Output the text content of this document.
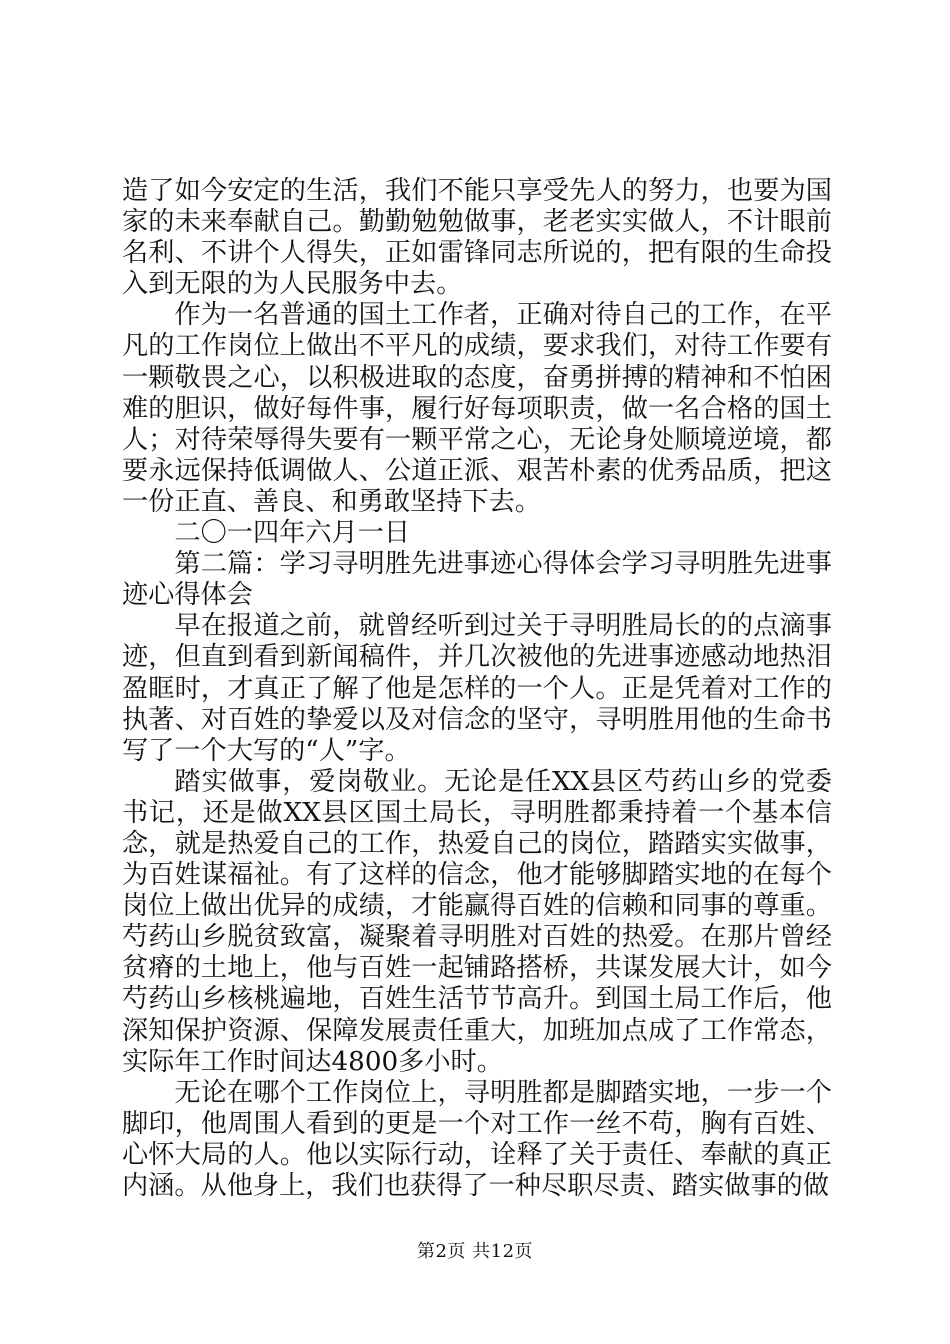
造了如今安定的生活，我们不能只享受先人的努力，也要为国家的未来奉献自己。勤勤勉勉做事，老老实实做人，不计眼前名利、不讲个人得失，正如雷锋同志所说的，把有限的生命投入到无限的为人民服务中去。

作为一名普通的国土工作者，正确对待自己的工作，在平凡的工作岗位上做出不平凡的成绩，要求我们，对待工作要有一颗敬畏之心，以积极进取的态度，奋勇拼搏的精神和不怕困难的胆识，做好每件事，履行好每项职责，做一名合格的国土人；对待荣辱得失要有一颗平常之心，无论身处顺境逆境，都要永远保持低调做人、公道正派、艰苦朴素的优秀品质，把这一份正直、善良、和勇敢坚持下去。

二〇一四年六月一日

第二篇：学习寻明胜先进事迹心得体会学习寻明胜先进事迹心得体会

早在报道之前，就曾经听到过关于寻明胜局长的的点滴事迹，但直到看到新闻稿件，并几次被他的先进事迹感动地热泪盈眶时，才真正了解了他是怎样的一个人。正是凭着对工作的执著、对百姓的挚爱以及对信念的坚守，寻明胜用他的生命书写了一个大写的“人”字。

踏实做事，爱岗敬业。无论是任XX县区芍药山乡的党委书记，还是做XX县区国土局长，寻明胜都秉持着一个基本信念，就是热爱自己的工作，热爱自己的岗位，踏踏实实做事，为百姓谋福祉。有了这样的信念，他才能够脚踏实地的在每个岗位上做出优异的成绩，才能赢得百姓的信赖和同事的尊重。芍药山乡脱贫致富，凝聚着寻明胜对百姓的热爱。在那片曾经贫瘠的土地上，他与百姓一起铺路搭桥，共谋发展大计，如今芍药山乡核桃遍地，百姓生活节节高升。到国土局工作后，他深知保护资源、保障发展责任重大，加班加点成了工作常态，实际年工作时间达4800多小时。

无论在哪个工作岗位上，寻明胜都是脚踏实地，一步一个脚印，他周围人看到的更是一个对工作一丝不苟，胸有百姓、心怀大局的人。他以实际行动，诠释了关于责任、奉献的真正内涵。从他身上，我们也获得了一种尽职尽责、踏实做事的做

第2页 共12页
